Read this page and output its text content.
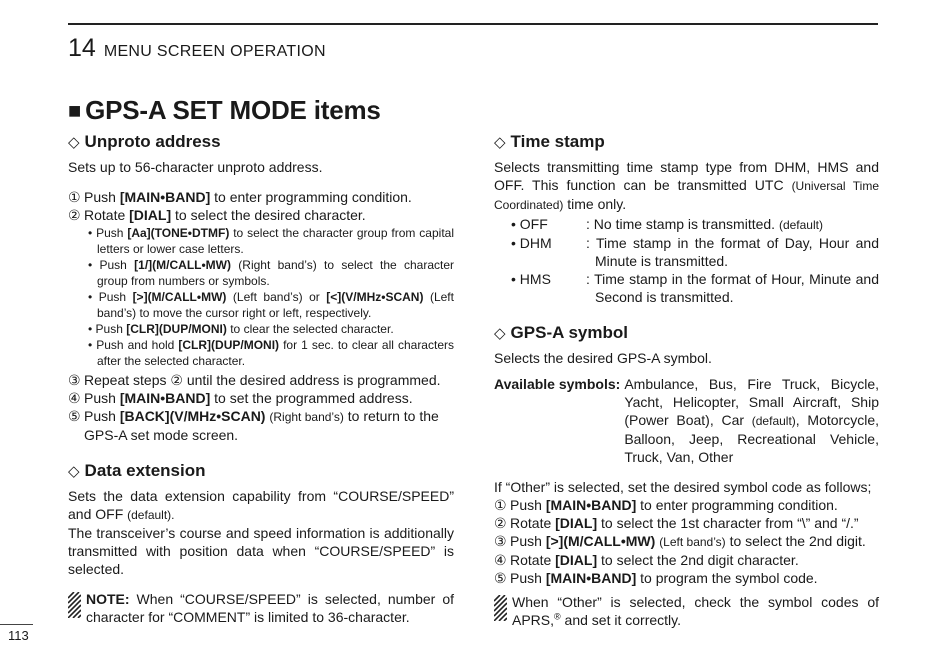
14 MENU SCREEN OPERATION
■ GPS-A SET MODE items
◇ Unproto address

Sets up to 56-character unproto address.

① Push [MAIN•BAND] to enter programming condition.

② Rotate [DIAL] to select the desired character.

• Push [Aa](TONE•DTMF) to select the character group from capital letters or lower case letters.
• Push [1/](M/CALL•MW) (Right band’s) to select the character group from numbers or symbols.
• Push [>](M/CALL•MW) (Left band’s) or [<](V/MHz•SCAN) (Left band’s) to move the cursor right or left, respectively.
• Push [CLR](DUP/MONI) to clear the selected character.
• Push and hold [CLR](DUP/MONI) for 1 sec. to clear all characters after the selected character.

③ Repeat steps ② until the desired address is programmed.

④ Push [MAIN•BAND] to set the programmed address.

⑤ Push [BACK](V/MHz•SCAN) (Right band’s) to return to the GPS-A set mode screen.

◇ Data extension

Sets the data extension capability from “COURSE/SPEED” and OFF (default).

The transceiver’s course and speed information is additionally transmitted with position data when “COURSE/SPEED” is selected.

NOTE: When “COURSE/SPEED” is selected, number of character for “COMMENT” is limited to 36-character.
◇ Time stamp

Selects transmitting time stamp type from DHM, HMS and OFF. This function can be transmitted UTC (Universal Time Coordinated) time only.

• OFF	: No time stamp is transmitted. (default)
• DHM	: Time stamp in the format of Day, Hour and Minute is transmitted.
• HMS	: Time stamp in the format of Hour, Minute and Second is transmitted.
◇ GPS-A symbol

Selects the desired GPS-A symbol.

Available symbols: Ambulance, Bus, Fire Truck, Bicycle, Yacht, Helicopter, Small Aircraft, Ship (Power Boat), Car (default), Motorcycle, Balloon, Jeep, Recreational Vehicle, Truck, Van, Other

If “Other” is selected, set the desired symbol code as follows;

① Push [MAIN•BAND] to enter programming condition.

② Rotate [DIAL] to select the 1st character from “\” and “/.”

③ Push [>](M/CALL•MW) (Left band’s) to select the 2nd digit.

④ Rotate [DIAL] to select the 2nd digit character.

⑤ Push [MAIN•BAND] to program the symbol code.

When “Other” is selected, check the symbol codes of APRS,® and set it correctly.
113
